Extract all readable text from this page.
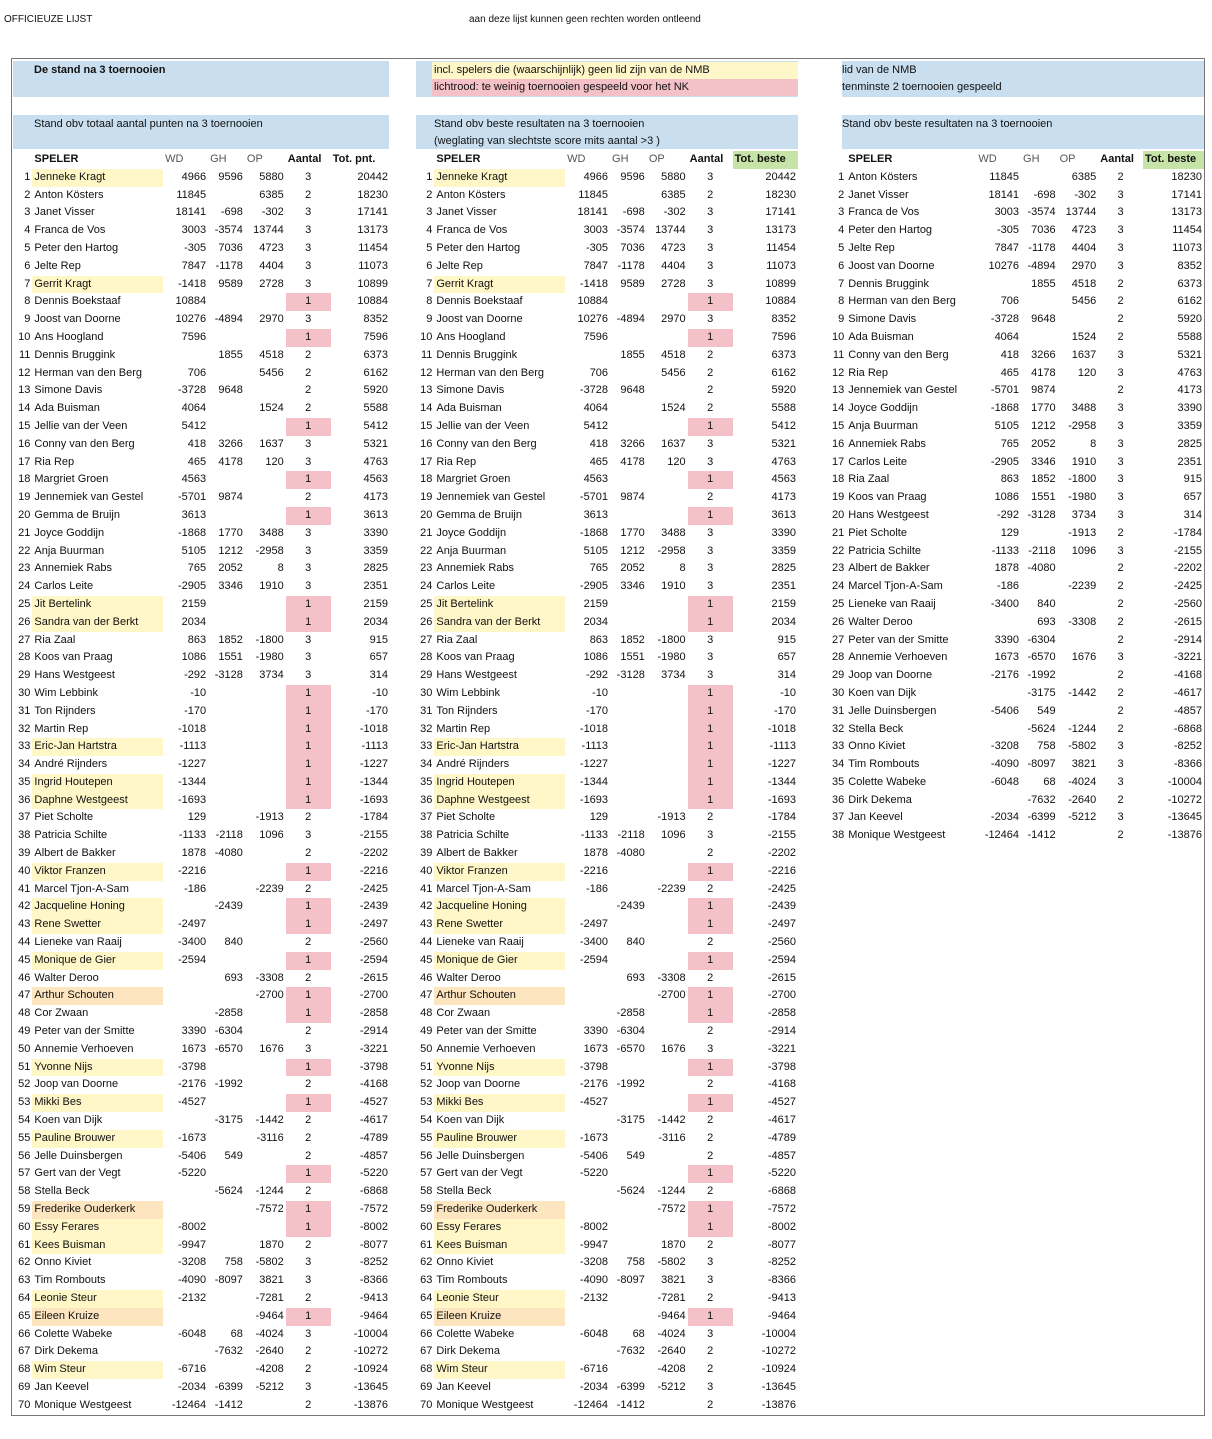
OFFICIEUZE LIJST	aan deze lijst kunnen geen rechten worden ontleend
De stand na 3 toernooien
Stand obv totaal aantal punten na 3 toernooien
incl. spelers die (waarschijnlijk) geen lid zijn van de NMB
lichtrood: te weinig toernooien gespeeld voor het NK
Stand obv beste resultaten na 3 toernooien
(weglating van slechtste score mits aantal >3 )
lid van de NMB
tenminste 2 toernooien gespeeld
Stand obv beste resultaten na 3 toernooien
	SPELER	WD	GH	OP	Aantal	Tot. pnt.
1	Jenneke Kragt	4966	9596	5880	3	20442
2	Anton Kösters	11845		6385	2	18230
3	Janet Visser	18141	-698	-302	3	17141
4	Franca de Vos	3003	-3574	13744	3	13173
5	Peter den Hartog	-305	7036	4723	3	11454
6	Jelte Rep	7847	-1178	4404	3	11073
7	Gerrit Kragt	-1418	9589	2728	3	10899
8	Dennis Boekstaaf	10884			1	10884
9	Joost van Doorne	10276	-4894	2970	3	8352
10	Ans Hoogland	7596			1	7596
11	Dennis Bruggink		1855	4518	2	6373
12	Herman van den Berg	706		5456	2	6162
13	Simone Davis	-3728	9648		2	5920
14	Ada Buisman	4064		1524	2	5588
15	Jellie van der Veen	5412			1	5412
16	Conny van den Berg	418	3266	1637	3	5321
17	Ria Rep	465	4178	120	3	4763
18	Margriet Groen	4563			1	4563
19	Jennemiek van Gestel	-5701	9874		2	4173
20	Gemma de Bruijn	3613			1	3613
21	Joyce Goddijn	-1868	1770	3488	3	3390
22	Anja Buurman	5105	1212	-2958	3	3359
23	Annemiek Rabs	765	2052	8	3	2825
24	Carlos Leite	-2905	3346	1910	3	2351
25	Jit Bertelink	2159			1	2159
26	Sandra van der Berkt	2034			1	2034
27	Ria Zaal	863	1852	-1800	3	915
28	Koos van Praag	1086	1551	-1980	3	657
29	Hans Westgeest	-292	-3128	3734	3	314
30	Wim Lebbink	-10			1	-10
31	Ton Rijnders	-170			1	-170
32	Martin Rep	-1018			1	-1018
33	Eric-Jan Hartstra	-1113			1	-1113
34	André Rijnders	-1227			1	-1227
35	Ingrid Houtepen	-1344			1	-1344
36	Daphne Westgeest	-1693			1	-1693
37	Piet Scholte	129		-1913	2	-1784
38	Patricia Schilte	-1133	-2118	1096	3	-2155
39	Albert de Bakker	1878	-4080		2	-2202
40	Viktor Franzen	-2216			1	-2216
41	Marcel Tjon-A-Sam	-186		-2239	2	-2425
42	Jacqueline Honing		-2439		1	-2439
43	Rene Swetter	-2497			1	-2497
44	Lieneke van Raaij	-3400	840		2	-2560
45	Monique de Gier	-2594			1	-2594
46	Walter Deroo		693	-3308	2	-2615
47	Arthur Schouten			-2700	1	-2700
48	Cor Zwaan		-2858		1	-2858
49	Peter van der Smitte	3390	-6304		2	-2914
50	Annemie Verhoeven	1673	-6570	1676	3	-3221
51	Yvonne Nijs	-3798			1	-3798
52	Joop van Doorne	-2176	-1992		2	-4168
53	Mikki Bes	-4527			1	-4527
54	Koen van Dijk		-3175	-1442	2	-4617
55	Pauline Brouwer	-1673		-3116	2	-4789
56	Jelle Duinsbergen	-5406	549		2	-4857
57	Gert van der Vegt	-5220			1	-5220
58	Stella Beck		-5624	-1244	2	-6868
59	Frederike Ouderkerk			-7572	1	-7572
60	Essy Ferares	-8002			1	-8002
61	Kees Buisman	-9947		1870	2	-8077
62	Onno Kiviet	-3208	758	-5802	3	-8252
63	Tim Rombouts	-4090	-8097	3821	3	-8366
64	Leonie Steur	-2132		-7281	2	-9413
65	Eileen Kruize			-9464	1	-9464
66	Colette Wabeke	-6048	68	-4024	3	-10004
67	Dirk Dekema		-7632	-2640	2	-10272
68	Wim Steur	-6716		-4208	2	-10924
69	Jan Keevel	-2034	-6399	-5212	3	-13645
70	Monique Westgeest	-12464	-1412		2	-13876
	SPELER	WD	GH	OP	Aantal	Tot. beste
1	Jenneke Kragt	4966	9596	5880	3	20442
2	Anton Kösters	11845		6385	2	18230
3	Janet Visser	18141	-698	-302	3	17141
4	Franca de Vos	3003	-3574	13744	3	13173
5	Peter den Hartog	-305	7036	4723	3	11454
6	Jelte Rep	7847	-1178	4404	3	11073
7	Gerrit Kragt	-1418	9589	2728	3	10899
8	Dennis Boekstaaf	10884			1	10884
9	Joost van Doorne	10276	-4894	2970	3	8352
10	Ans Hoogland	7596			1	7596
11	Dennis Bruggink		1855	4518	2	6373
12	Herman van den Berg	706		5456	2	6162
13	Simone Davis	-3728	9648		2	5920
14	Ada Buisman	4064		1524	2	5588
15	Jellie van der Veen	5412			1	5412
16	Conny van den Berg	418	3266	1637	3	5321
17	Ria Rep	465	4178	120	3	4763
18	Margriet Groen	4563			1	4563
19	Jennemiek van Gestel	-5701	9874		2	4173
20	Gemma de Bruijn	3613			1	3613
21	Joyce Goddijn	-1868	1770	3488	3	3390
22	Anja Buurman	5105	1212	-2958	3	3359
23	Annemiek Rabs	765	2052	8	3	2825
24	Carlos Leite	-2905	3346	1910	3	2351
25	Jit Bertelink	2159			1	2159
26	Sandra van der Berkt	2034			1	2034
27	Ria Zaal	863	1852	-1800	3	915
28	Koos van Praag	1086	1551	-1980	3	657
29	Hans Westgeest	-292	-3128	3734	3	314
30	Wim Lebbink	-10			1	-10
31	Ton Rijnders	-170			1	-170
32	Martin Rep	-1018			1	-1018
33	Eric-Jan Hartstra	-1113			1	-1113
34	André Rijnders	-1227			1	-1227
35	Ingrid Houtepen	-1344			1	-1344
36	Daphne Westgeest	-1693			1	-1693
37	Piet Scholte	129		-1913	2	-1784
38	Patricia Schilte	-1133	-2118	1096	3	-2155
39	Albert de Bakker	1878	-4080		2	-2202
40	Viktor Franzen	-2216			1	-2216
41	Marcel Tjon-A-Sam	-186		-2239	2	-2425
42	Jacqueline Honing		-2439		1	-2439
43	Rene Swetter	-2497			1	-2497
44	Lieneke van Raaij	-3400	840		2	-2560
45	Monique de Gier	-2594			1	-2594
46	Walter Deroo		693	-3308	2	-2615
47	Arthur Schouten			-2700	1	-2700
48	Cor Zwaan		-2858		1	-2858
49	Peter van der Smitte	3390	-6304		2	-2914
50	Annemie Verhoeven	1673	-6570	1676	3	-3221
51	Yvonne Nijs	-3798			1	-3798
52	Joop van Doorne	-2176	-1992		2	-4168
53	Mikki Bes	-4527			1	-4527
54	Koen van Dijk		-3175	-1442	2	-4617
55	Pauline Brouwer	-1673		-3116	2	-4789
56	Jelle Duinsbergen	-5406	549		2	-4857
57	Gert van der Vegt	-5220			1	-5220
58	Stella Beck		-5624	-1244	2	-6868
59	Frederike Ouderkerk			-7572	1	-7572
60	Essy Ferares	-8002			1	-8002
61	Kees Buisman	-9947		1870	2	-8077
62	Onno Kiviet	-3208	758	-5802	3	-8252
63	Tim Rombouts	-4090	-8097	3821	3	-8366
64	Leonie Steur	-2132		-7281	2	-9413
65	Eileen Kruize			-9464	1	-9464
66	Colette Wabeke	-6048	68	-4024	3	-10004
67	Dirk Dekema		-7632	-2640	2	-10272
68	Wim Steur	-6716		-4208	2	-10924
69	Jan Keevel	-2034	-6399	-5212	3	-13645
70	Monique Westgeest	-12464	-1412		2	-13876
	SPELER	WD	GH	OP	Aantal	Tot. beste
1	Anton Kösters	11845		6385	2	18230
2	Janet Visser	18141	-698	-302	3	17141
3	Franca de Vos	3003	-3574	13744	3	13173
4	Peter den Hartog	-305	7036	4723	3	11454
5	Jelte Rep	7847	-1178	4404	3	11073
6	Joost van Doorne	10276	-4894	2970	3	8352
7	Dennis Bruggink		1855	4518	2	6373
8	Herman van den Berg	706		5456	2	6162
9	Simone Davis	-3728	9648		2	5920
10	Ada Buisman	4064		1524	2	5588
11	Conny van den Berg	418	3266	1637	3	5321
12	Ria Rep	465	4178	120	3	4763
13	Jennemiek van Gestel	-5701	9874		2	4173
14	Joyce Goddijn	-1868	1770	3488	3	3390
15	Anja Buurman	5105	1212	-2958	3	3359
16	Annemiek Rabs	765	2052	8	3	2825
17	Carlos Leite	-2905	3346	1910	3	2351
18	Ria Zaal	863	1852	-1800	3	915
19	Koos van Praag	1086	1551	-1980	3	657
20	Hans Westgeest	-292	-3128	3734	3	314
21	Piet Scholte	129		-1913	2	-1784
22	Patricia Schilte	-1133	-2118	1096	3	-2155
23	Albert de Bakker	1878	-4080		2	-2202
24	Marcel Tjon-A-Sam	-186		-2239	2	-2425
25	Lieneke van Raaij	-3400	840		2	-2560
26	Walter Deroo		693	-3308	2	-2615
27	Peter van der Smitte	3390	-6304		2	-2914
28	Annemie Verhoeven	1673	-6570	1676	3	-3221
29	Joop van Doorne	-2176	-1992		2	-4168
30	Koen van Dijk		-3175	-1442	2	-4617
31	Jelle Duinsbergen	-5406	549		2	-4857
32	Stella Beck		-5624	-1244	2	-6868
33	Onno Kiviet	-3208	758	-5802	3	-8252
34	Tim Rombouts	-4090	-8097	3821	3	-8366
35	Colette Wabeke	-6048	68	-4024	3	-10004
36	Dirk Dekema		-7632	-2640	2	-10272
37	Jan Keevel	-2034	-6399	-5212	3	-13645
38	Monique Westgeest	-12464	-1412		2	-13876
